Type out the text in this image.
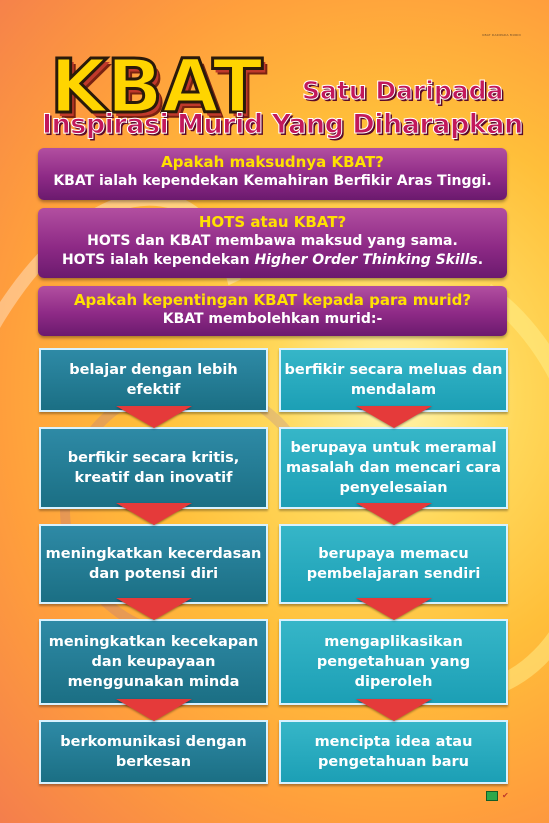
KBAT DARIPADA MURID
KBAT Satu Daripada
Inspirasi Murid Yang Diharapkan
Apakah maksudnya KBAT?
KBAT ialah kependekan Kemahiran Berfikir Aras Tinggi.
HOTS atau KBAT?
HOTS dan KBAT membawa maksud yang sama.
HOTS ialah kependekan Higher Order Thinking Skills.
Apakah kepentingan KBAT kepada para murid?
KBAT membolehkan murid:-
belajar dengan lebih efektif
berfikir secara kritis, kreatif dan inovatif
meningkatkan kecerdasan dan potensi diri
meningkatkan kecekapan dan keupayaan menggunakan minda
berkomunikasi dengan berkesan
berfikir secara meluas dan mendalam
berupaya untuk meramal masalah dan mencari cara penyelesaian
berupaya memacu pembelajaran sendiri
mengaplikasikan pengetahuan yang diperoleh
mencipta idea atau pengetahuan baru
✔
